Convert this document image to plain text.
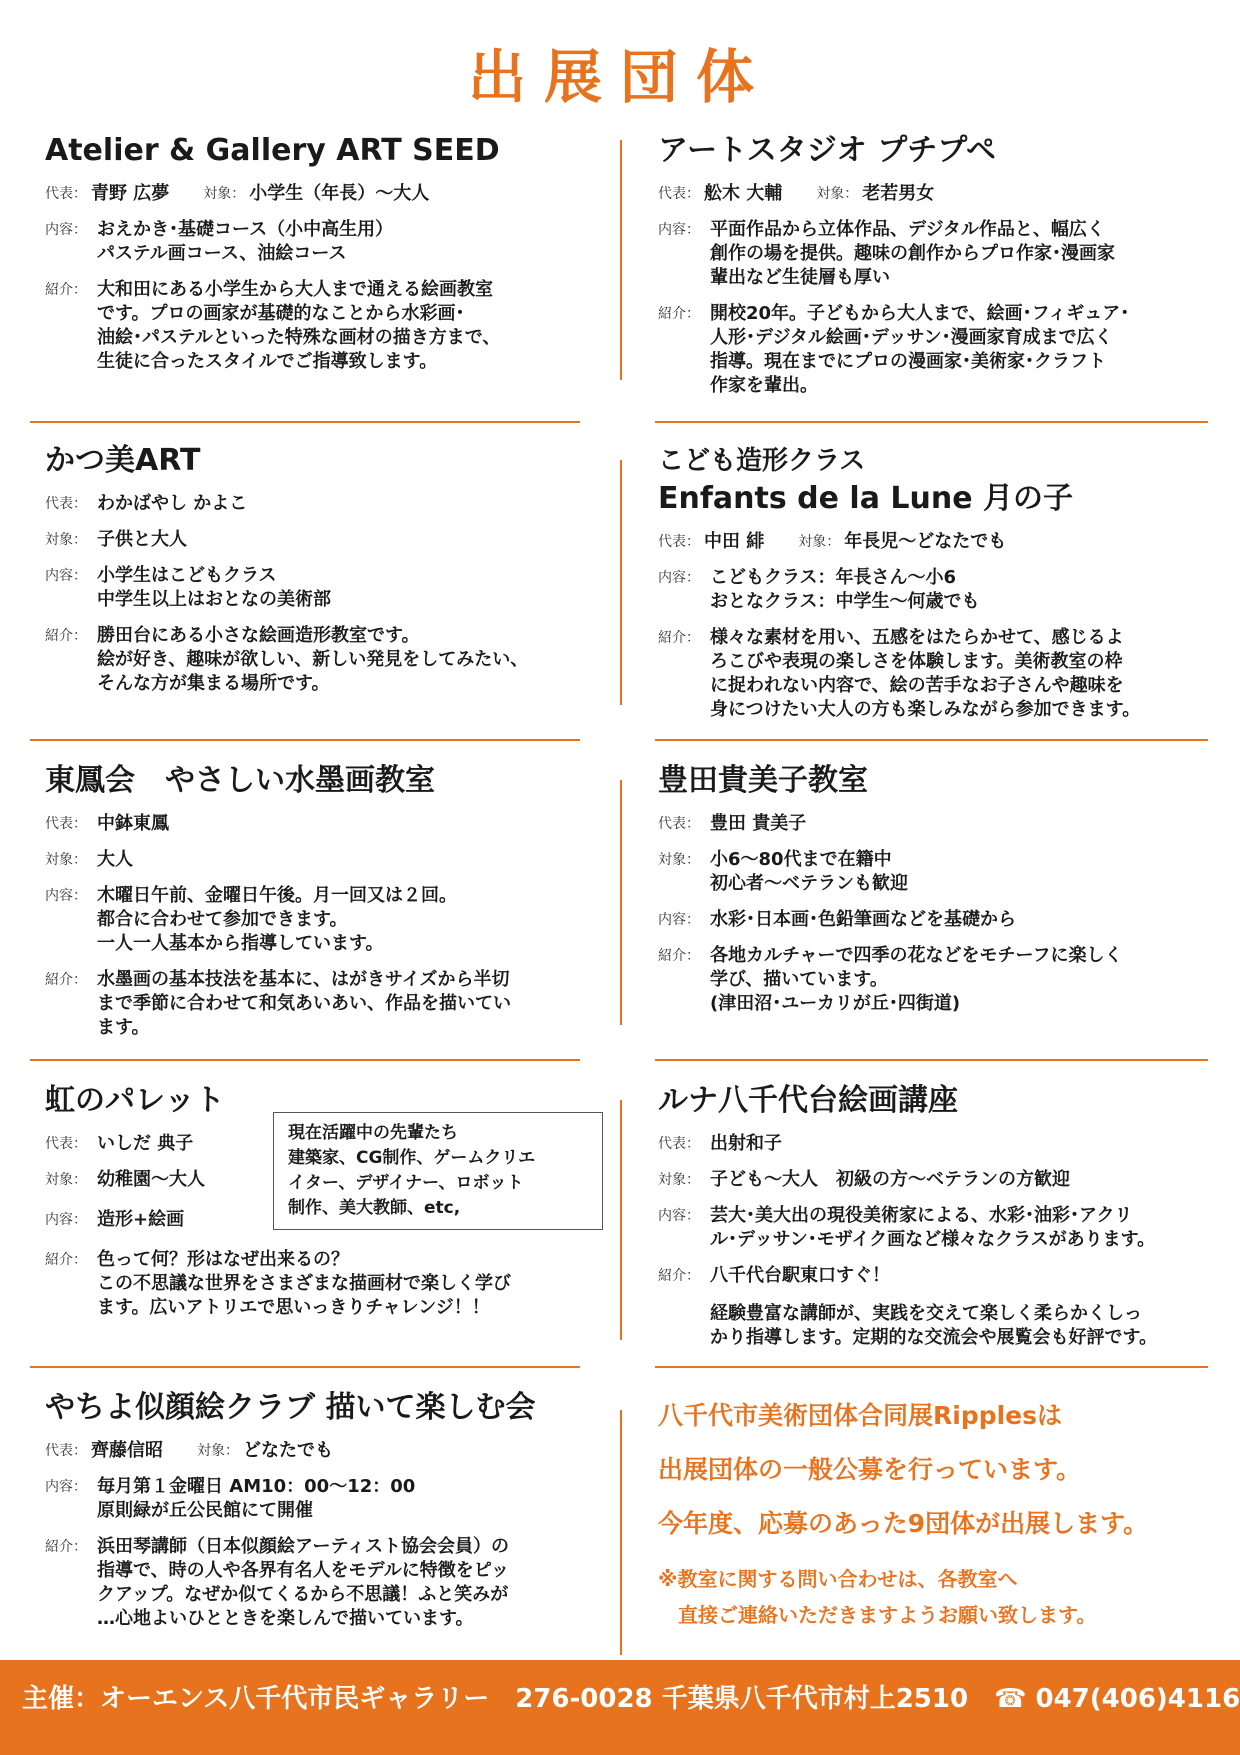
出展団体
Atelier & Gallery ART SEED
代表： 青野 広夢 対象： 小学生（年長）〜大人
内容： おえかき･基礎コース（小中高生用）
パステル画コース、油絵コース
紹介： 大和田にある小学生から大人まで通える絵画教室
です。プロの画家が基礎的なことから水彩画･
油絵･パステルといった特殊な画材の描き方まで、
生徒に合ったスタイルでご指導致します。
アートスタジオ プチプペ
代表： 舩木 大輔 対象： 老若男女
内容： 平面作品から立体作品、デジタル作品と、幅広く
創作の場を提供。趣味の創作からプロ作家･漫画家
輩出など生徒層も厚い
紹介： 開校20年。子どもから大人まで、絵画･フィギュア･
人形･デジタル絵画･デッサン･漫画家育成まで広く
指導。現在までにプロの漫画家･美術家･クラフト
作家を輩出。
かつ美ART
代表： わかばやし かよこ
対象： 子供と大人
内容： 小学生はこどもクラス
中学生以上はおとなの美術部
紹介： 勝田台にある小さな絵画造形教室です。
絵が好き、趣味が欲しい、新しい発見をしてみたい、
そんな方が集まる場所です。
こども造形クラス
Enfants de la Lune 月の子
代表： 中田 緋 対象： 年長児〜どなたでも
内容： こどもクラス：年長さん〜小6
おとなクラス：中学生〜何歳でも
紹介： 様々な素材を用い、五感をはたらかせて、感じるよ
ろこびや表現の楽しさを体験します。美術教室の枠
に捉われない内容で、絵の苦手なお子さんや趣味を
身につけたい大人の方も楽しみながら参加できます。
東鳳会　やさしい水墨画教室
代表： 中鉢東鳳
対象： 大人
内容： 木曜日午前、金曜日午後。月一回又は２回。
都合に合わせて参加できます。
一人一人基本から指導しています。
紹介： 水墨画の基本技法を基本に、はがきサイズから半切
まで季節に合わせて和気あいあい、作品を描いてい
ます。
豊田貴美子教室
代表： 豊田 貴美子
対象： 小6〜80代まで在籍中
初心者〜ベテランも歓迎
内容： 水彩･日本画･色鉛筆画などを基礎から
紹介： 各地カルチャーで四季の花などをモチーフに楽しく
学び、描いています。
(津田沼･ユーカリが丘･四街道)
虹のパレット
代表： いしだ 典子
対象： 幼稚園〜大人
内容： 造形+絵画
紹介： 色って何？形はなぜ出来るの？
この不思議な世界をさまざまな描画材で楽しく学び
ます。広いアトリエで思いっきりチャレンジ！！
現在活躍中の先輩たち
建築家、CG制作、ゲームクリエ
イター、デザイナー、ロボット
制作、美大教師、etc,
ルナ八千代台絵画講座
代表： 出射和子
対象： 子ども〜大人　初級の方〜ベテランの方歓迎
内容： 芸大･美大出の現役美術家による、水彩･油彩･アクリ
ル･デッサン･モザイク画など様々なクラスがあります。
紹介： 八千代台駅東口すぐ！
経験豊富な講師が、実践を交えて楽しく柔らかくしっ
かり指導します。定期的な交流会や展覧会も好評です。
やちよ似顔絵クラブ 描いて楽しむ会
代表： 齊藤信昭 対象： どなたでも
内容： 毎月第１金曜日 AM10：00〜12：00
原則緑が丘公民館にて開催
紹介： 浜田琴講師（日本似顔絵アーティスト協会会員）の
指導で、時の人や各界有名人をモデルに特徴をピッ
クアップ。なぜか似てくるから不思議！ふと笑みが
…心地よいひとときを楽しんで描いています。
八千代市美術団体合同展Ripplesは
出展団体の一般公募を行っています。
今年度、応募のあった9団体が出展します。
※教室に関する問い合わせは、各教室へ
　直接ご連絡いただきますようお願い致します。
主催：オーエンス八千代市民ギャラリー　276-0028 千葉県八千代市村上2510　☎ 047(406)4116
